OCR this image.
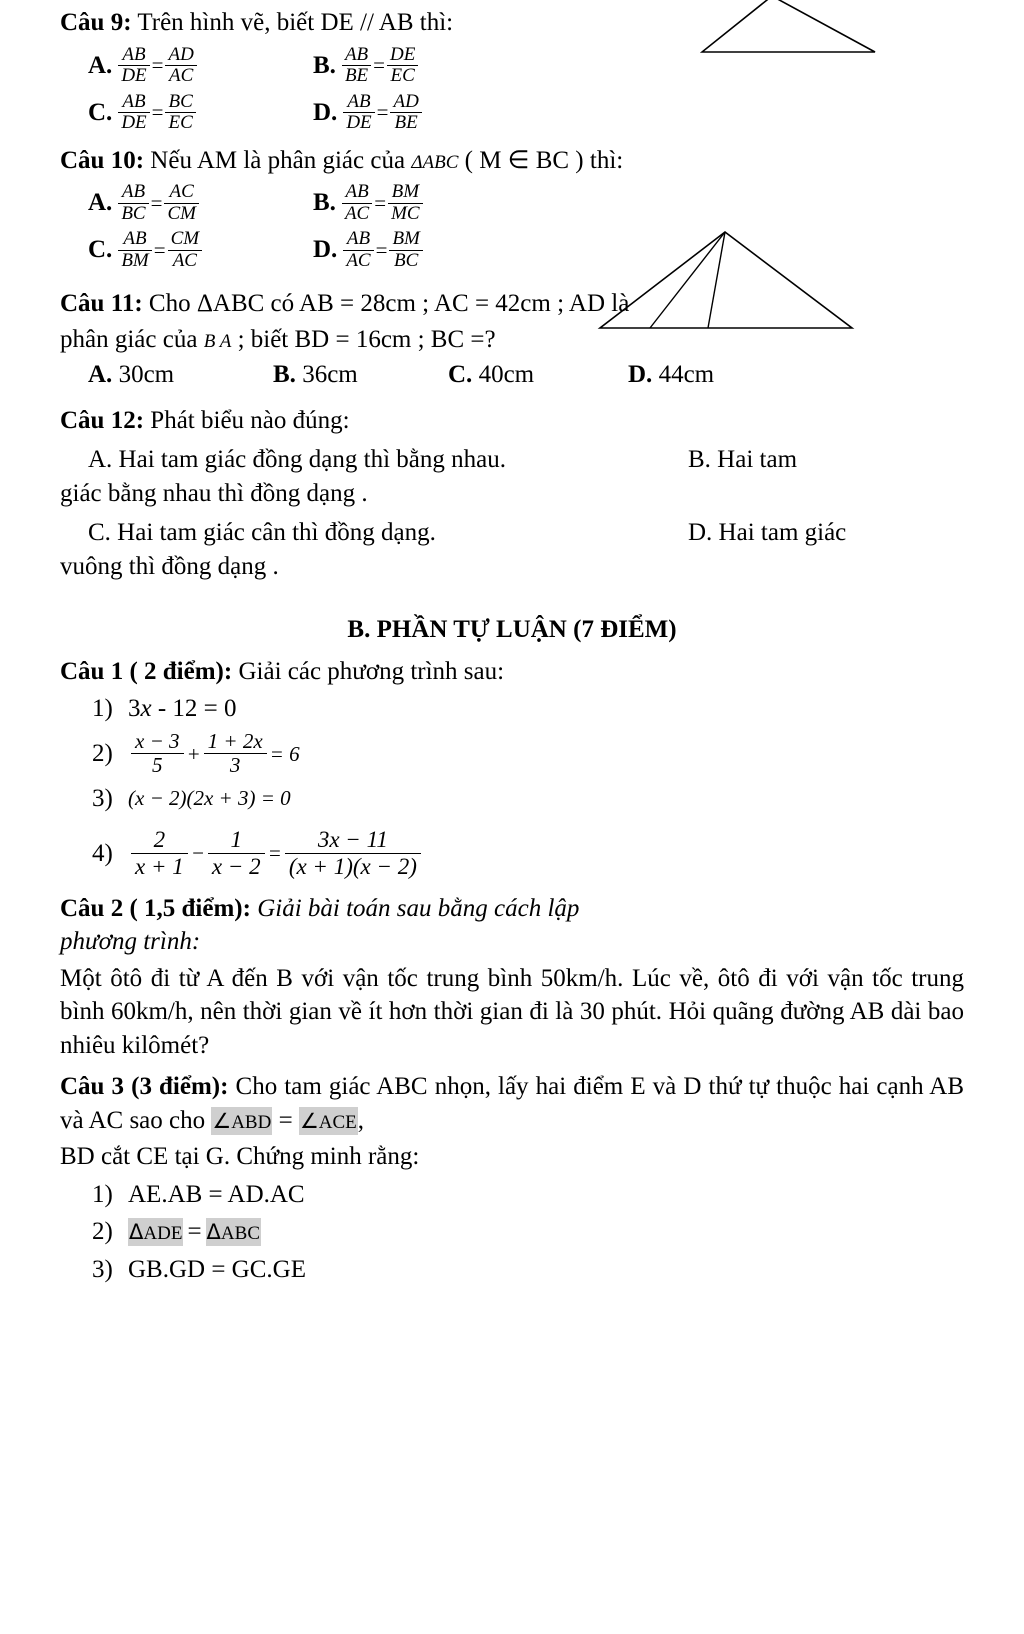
Câu 9: Trên hình vẽ, biết DE // AB thì:
A. $\frac{AB}{DE} = \frac{AD}{AC}$	B. $\frac{AB}{BE} = \frac{DE}{EC}$
C. $\frac{AB}{DE} = \frac{BC}{EC}$	D. $\frac{AB}{DE} = \frac{AD}{BE}$
Câu 10: Nếu AM là phân giác của ΔABC ( M ∈ BC ) thì:
A. $\frac{AB}{BC} = \frac{AC}{CM}$	B. $\frac{AB}{AC} = \frac{BM}{MC}$
C. $\frac{AB}{BM} = \frac{CM}{AC}$	D. $\frac{AB}{AC} = \frac{BM}{BC}$
Câu 11: Cho ΔABC có AB = 28cm ; AC = 42cm ; AD là
phân giác của B A ; biết BD = 16cm ; BC =?
A. 30cm	B. 36cm	C. 40cm	D. 44cm
Câu 12: Phát biểu nào đúng:
A. Hai tam giác đồng dạng thì bằng nhau.	B. Hai tam
giác bằng nhau thì đồng dạng .
C. Hai tam giác cân thì đồng dạng.	D. Hai tam giác
vuông thì đồng dạng .
B. PHẦN TỰ LUẬN (7 ĐIỂM)
Câu 1 ( 2 điểm): Giải các phương trình sau:
1) 3x - 12 = 0
$2) \frac{x - 3}{5} + \frac{1 + 2x}{3} = 6$
3) (x − 2)(2x + 3) = 0
$4) \frac{2}{x + 1} - \frac{1}{x - 2} = \frac{3x - 11}{(x + 1)(x - 2)}$
Câu 2 ( 1,5 điểm): Giải bài toán sau bằng cách lập
phương trình:
Một ôtô đi từ A đến B với vận tốc trung bình 50km/h. Lúc về, ôtô đi với vận tốc trung bình 60km/h, nên thời gian về ít hơn thời gian đi là 30 phút. Hỏi quãng đường AB dài bao nhiêu kilômét?
Câu 3 (3 điểm): Cho tam giác ABC nhọn, lấy hai điểm E và D thứ tự thuộc hai cạnh AB và AC sao cho ∠ABD = ∠ACE,
BD cắt CE tại G. Chứng minh rằng:
1) AE.AB = AD.AC
2) ΔADE = ΔABC
3) GB.GD = GC.GE
